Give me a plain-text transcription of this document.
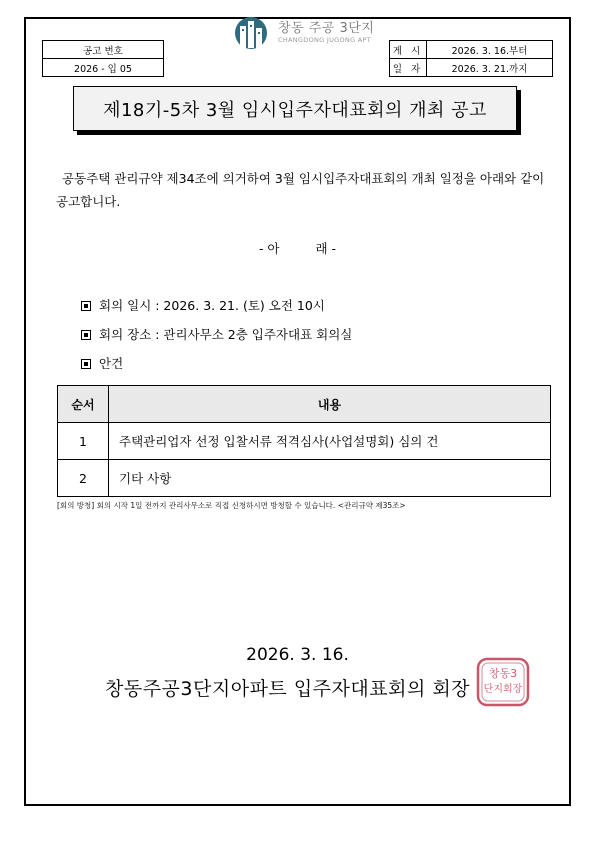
창동 주공 3단지
CHANGDONG JUGONG APT
공고 번호
2026 - 입 05
게 시	2026. 3. 16.부터
일 자	2026. 3. 21.까지
제18기-5차 3월 임시입주자대표회의 개최 공고
공동주택 관리규약 제34조에 의거하여 3월 임시입주자대표회의 개최 일정을 아래와 같이 공고합니다.
- 아	래 -
회의 일시 : 2026. 3. 21. (토) 오전 10시
회의 장소 : 관리사무소 2층 입주자대표 회의실
안건
순서	내용
1	주택관리업자 선정 입찰서류 적격심사(사업설명회) 심의 건
2	기타 사항
[회의 방청] 회의 시작 1일 전까지 관리사무소로 직접 신청하시면 방청할 수 있습니다. <관리규약 제35조>
2026. 3. 16.
창동주공3단지아파트 입주자대표회의 회장
창동3
단지회장
